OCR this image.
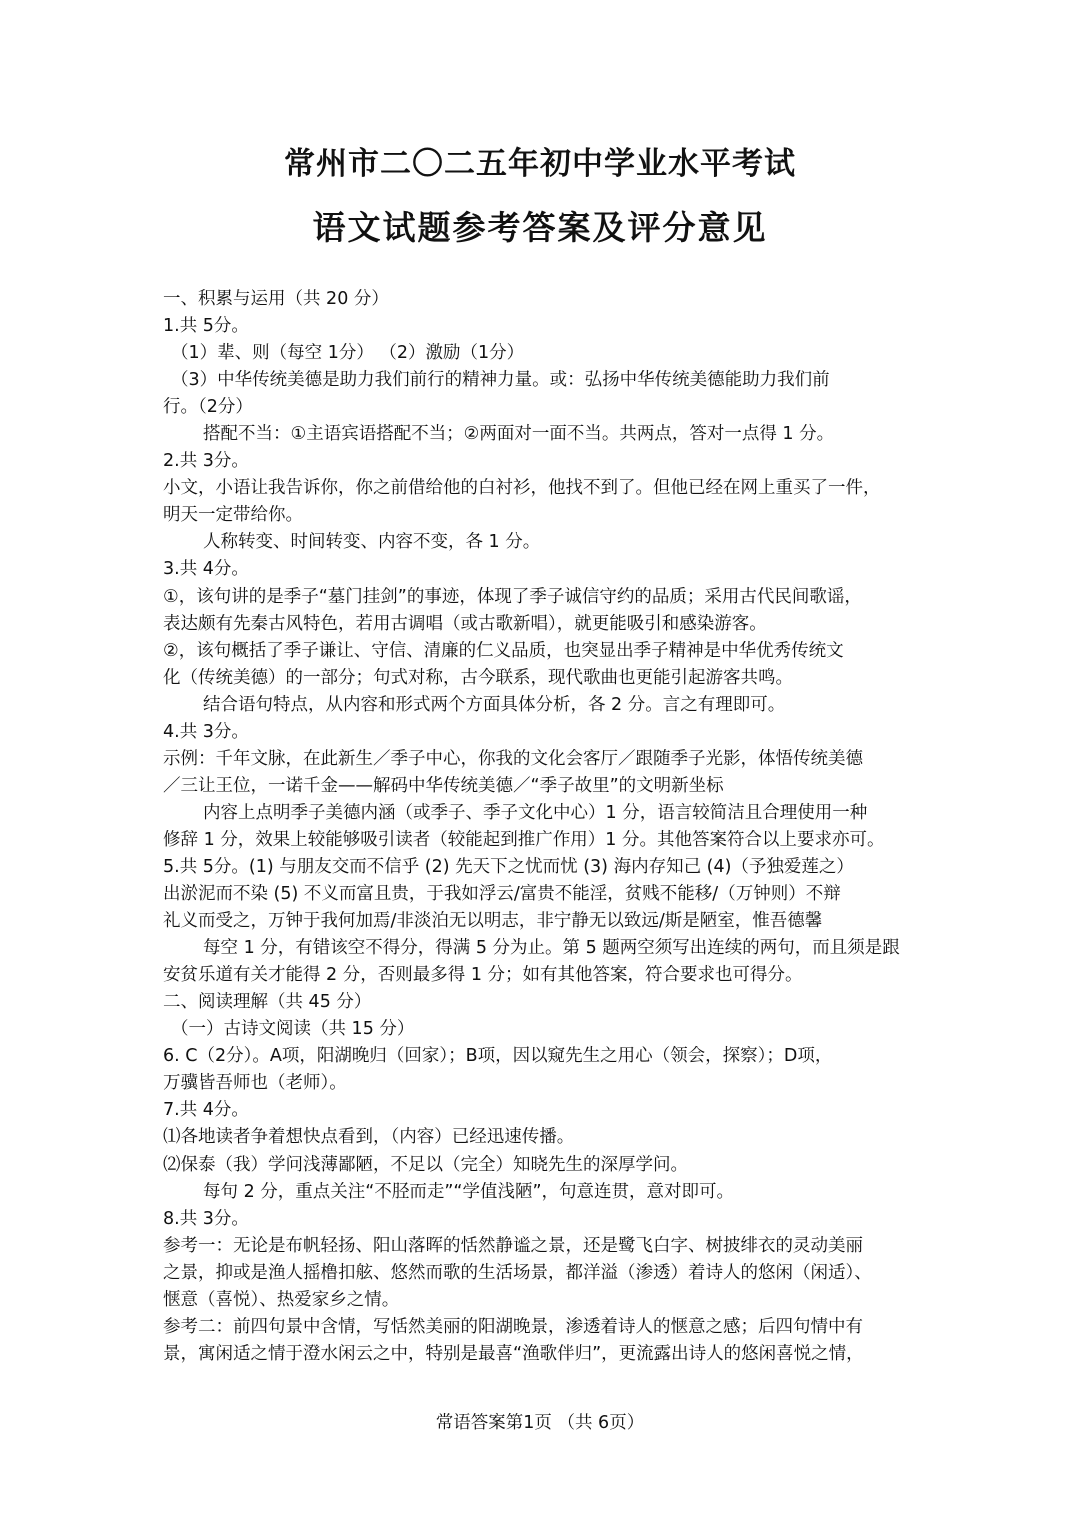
常州市二〇二五年初中学业水平考试
语文试题参考答案及评分意见
一、积累与运用（共 20 分）
1.共 5分。
（1）辈、则（每空 1分） （2）激励（1分）
（3）中华传统美德是助力我们前行的精神力量。或：弘扬中华传统美德能助力我们前
行。（2分）
搭配不当：①主语宾语搭配不当；②两面对一面不当。共两点，答对一点得 1 分。
2.共 3分。
小文，小语让我告诉你，你之前借给他的白衬衫，他找不到了。但他已经在网上重买了一件，
明天一定带给你。
人称转变、时间转变、内容不变，各 1 分。
3.共 4分。
①，该句讲的是季子“墓门挂剑”的事迹，体现了季子诚信守约的品质；采用古代民间歌谣，
表达颇有先秦古风特色，若用古调唱（或古歌新唱），就更能吸引和感染游客。
②，该句概括了季子谦让、守信、清廉的仁义品质，也突显出季子精神是中华优秀传统文
化（传统美德）的一部分；句式对称，古今联系，现代歌曲也更能引起游客共鸣。
结合语句特点，从内容和形式两个方面具体分析，各 2 分。言之有理即可。
4.共 3分。
示例：千年文脉，在此新生／季子中心，你我的文化会客厅／跟随季子光影，体悟传统美德
／三让王位，一诺千金——解码中华传统美德／“季子故里”的文明新坐标
内容上点明季子美德内涵（或季子、季子文化中心）1 分，语言较简洁且合理使用一种
修辞 1 分，效果上较能够吸引读者（较能起到推广作用）1 分。其他答案符合以上要求亦可。
5.共 5分。(1) 与朋友交而不信乎 (2) 先天下之忧而忧 (3) 海内存知己 (4)（予独爱莲之）
出淤泥而不染 (5) 不义而富且贵，于我如浮云/富贵不能淫，贫贱不能移/（万钟则）不辩
礼义而受之，万钟于我何加焉/非淡泊无以明志，非宁静无以致远/斯是陋室，惟吾德馨
每空 1 分，有错该空不得分，得满 5 分为止。第 5 题两空须写出连续的两句，而且须是跟
安贫乐道有关才能得 2 分，否则最多得 1 分；如有其他答案，符合要求也可得分。
二、阅读理解（共 45 分）
（一）古诗文阅读（共 15 分）
6. C（2分）。A项，阳湖晚归（回家）；B项，因以窥先生之用心（领会，探察）；D项，
万骥皆吾师也（老师）。
7.共 4分。
⑴各地读者争着想快点看到，（内容）已经迅速传播。
⑵保泰（我）学问浅薄鄙陋，不足以（完全）知晓先生的深厚学问。
每句 2 分，重点关注“不胫而走”“学值浅陋”，句意连贯，意对即可。
8.共 3分。
参考一：无论是布帆轻扬、阳山落晖的恬然静谧之景，还是鹭飞白字、树披绯衣的灵动美丽
之景，抑或是渔人摇橹扣舷、悠然而歌的生活场景，都洋溢（渗透）着诗人的悠闲（闲适）、
惬意（喜悦）、热爱家乡之情。
参考二：前四句景中含情，写恬然美丽的阳湖晚景，渗透着诗人的惬意之感；后四句情中有
景，寓闲适之情于澄水闲云之中，特别是最喜“渔歌伴归”，更流露出诗人的悠闲喜悦之情，
常语答案第1页 （共 6页）
